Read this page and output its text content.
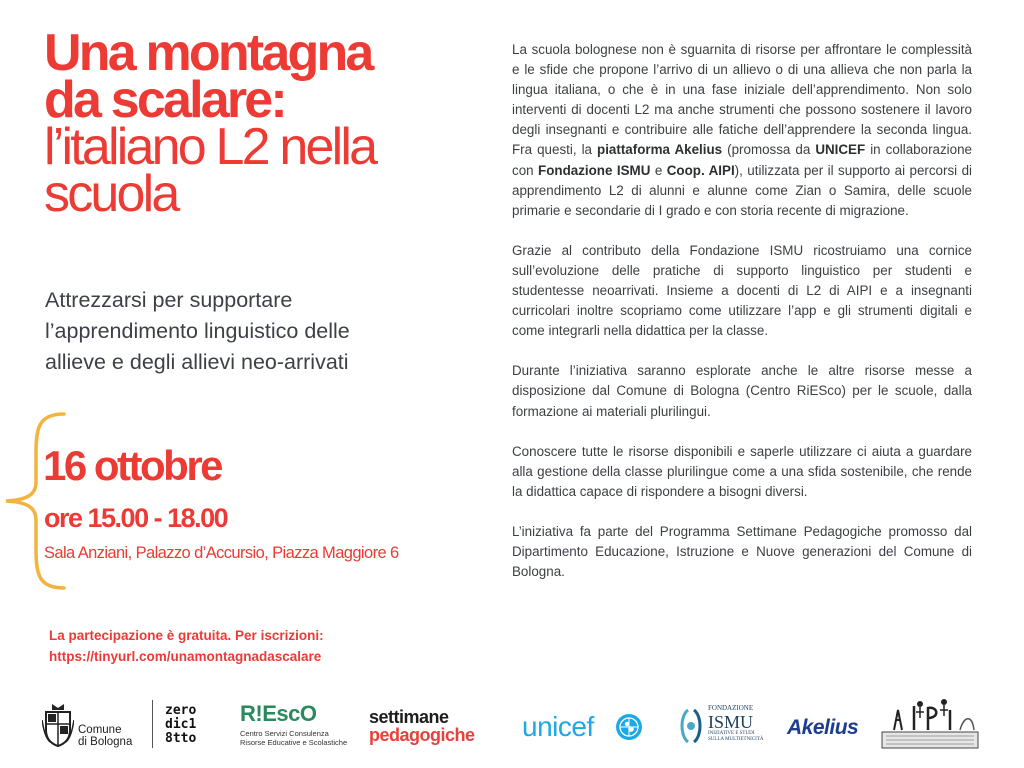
Una montagna
da scalare:
l’italiano L2 nella
scuola
Attrezzarsi per supportare
l’apprendimento linguistico delle
allieve e degli allievi neo-arrivati
16 ottobre
ore 15.00 - 18.00
Sala Anziani, Palazzo d’Accursio, Piazza Maggiore 6
La partecipazione è gratuita. Per iscrizioni:
https://tinyurl.com/unamontagnadascalare

La scuola bolognese non è sguarnita di risorse per affrontare le complessità e le sfide che propone l’arrivo di un allievo o di una allieva che non parla la lingua italiana, o che è in una fase iniziale dell’apprendimento. Non solo interventi di docenti L2 ma anche strumenti che possono sostenere il lavoro degli insegnanti e contribuire alle fatiche dell’apprendere la seconda lingua. Fra questi, la piattaforma Akelius (promossa da UNICEF in collaborazione con Fondazione ISMU e Coop. AIPI), utilizzata per il supporto ai percorsi di apprendimento L2 di alunni e alunne come Zian o Samira, delle scuole primarie e secondarie di I grado e con storia recente di migrazione.

Grazie al contributo della Fondazione ISMU ricostruiamo una cornice sull’evoluzione delle pratiche di supporto linguistico per studenti e studentesse neoarrivati. Insieme a docenti di L2 di AIPI e a insegnanti curricolari inoltre scopriamo come utilizzare l’app e gli strumenti digitali e come integrarli nella didattica per la classe.

Durante l’iniziativa saranno esplorate anche le altre risorse messe a disposizione dal Comune di Bologna (Centro RiESco) per le scuole, dalla formazione ai materiali plurilingui.

Conoscere tutte le risorse disponibili e saperle utilizzare ci aiuta a guardare alla gestione della classe plurilingue come a una sfida sostenibile, che rende la didattica capace di rispondere a bisogni diversi.

L’iniziativa fa parte del Programma Settimane Pedagogiche promosso dal Dipartimento Educazione, Istruzione e Nuove generazioni del Comune di Bologna.

Comune
di Bologna
zero
dic1
8tto
R!EscO
Centro Servizi Consulenza
Risorse Educative e Scolastiche
settimane
pedagogiche unicef
FONDAZIONE
ISMU
INIZIATIVE E STUDI
SULLA MULTIETNICITÀ
Akelius
